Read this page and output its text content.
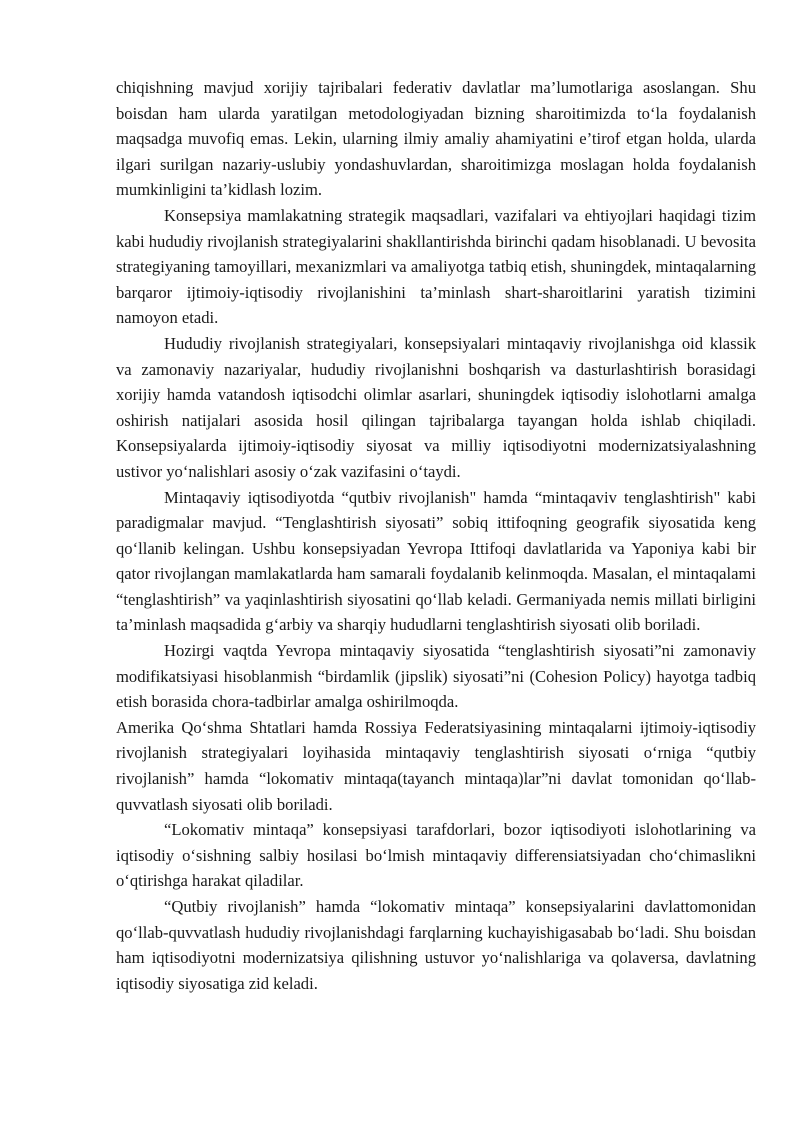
chiqishning mavjud xorijiy tajribalari federativ davlatlar ma’lumotlariga asoslangan. Shu boisdan ham ularda yaratilgan metodologiyadan bizning sharoitimizda to‘la foydalanish maqsadga muvofiq emas. Lekin, ularning ilmiy amaliy ahamiyatini e’tirof etgan holda, ularda ilgari surilgan nazariy-uslubiy yondashuvlardan, sharoitimizga moslagan holda foydalanish mumkinligini ta’kidlash lozim.

Konsepsiya mamlakatning strategik maqsadlari, vazifalari va ehtiyojlari haqidagi tizim kabi hududiy rivojlanish strategiyalarini shakllantirishda birinchi qadam hisoblanadi. U bevosita strategiyaning tamoyillari, mexanizmlari va amaliyotga tatbiq etish, shuningdek, mintaqalarning barqaror ijtimoiy-iqtisodiy rivojlanishini ta’minlash shart-sharoitlarini yaratish tizimini namoyon etadi.

Hududiy rivojlanish strategiyalari, konsepsiyalari mintaqaviy rivojlanishga oid klassik va zamonaviy nazariyalar, hududiy rivojlanishni boshqarish va dasturlashtirish borasidagi xorijiy hamda vatandosh iqtisodchi olimlar asarlari, shuningdek iqtisodiy islohotlarni amalga oshirish natijalari asosida hosil qilingan tajribalarga tayangan holda ishlab chiqiladi. Konsepsiyalarda ijtimoiy-iqtisodiy siyosat va milliy iqtisodiyotni modernizatsiyalashning ustivor yo‘nalishlari asosiy o‘zak vazifasini o‘taydi.

Mintaqaviy iqtisodiyotda “qutbiv rivojlanish" hamda “mintaqaviv tenglashtirish" kabi paradigmalar mavjud. “Tenglashtirish siyosati” sobiq ittifoqning geografik siyosatida keng qo‘llanib kelingan. Ushbu konsepsiyadan Yevropa Ittifoqi davlatlarida va Yaponiya kabi bir qator rivojlangan mamlakatlarda ham samarali foydalanib kelinmoqda. Masalan, el mintaqalami “tenglashtirish” va yaqinlashtirish siyosatini qo‘llab keladi. Germaniyada nemis millati birligini ta’minlash maqsadida g‘arbiy va sharqiy hududlarni tenglashtirish siyosati olib boriladi.

Hozirgi vaqtda Yevropa mintaqaviy siyosatida “tenglashtirish siyosati”ni zamonaviy modifikatsiyasi hisoblanmish “birdamlik (jipslik) siyosati”ni (Cohesion Policy) hayotga tadbiq etish borasida chora-tadbirlar amalga oshirilmoqda.

Amerika Qo‘shma Shtatlari hamda Rossiya Federatsiyasining mintaqalarni ijtimoiy-iqtisodiy rivojlanish strategiyalari loyihasida mintaqaviy tenglashtirish siyosati o‘rniga “qutbiy rivojlanish” hamda “lokomativ mintaqa(tayanch mintaqa)lar”ni davlat tomonidan qo‘llab-quvvatlash siyosati olib boriladi.

“Lokomativ mintaqa” konsepsiyasi tarafdorlari, bozor iqtisodiyoti islohotlarining va iqtisodiy o‘sishning salbiy hosilasi bo‘lmish mintaqaviy differensiatsiyadan cho‘chimaslikni o‘qtirishga harakat qiladilar.

“Qutbiy rivojlanish” hamda “lokomativ mintaqa” konsepsiyalarini davlattomonidan qo‘llab-quvvatlash hududiy rivojlanishdagi farqlarning kuchayishigasabab bo‘ladi. Shu boisdan ham iqtisodiyotni modernizatsiya qilishning ustuvor yo‘nalishlariga va qolaversa, davlatning iqtisodiy siyosatiga zid keladi.
